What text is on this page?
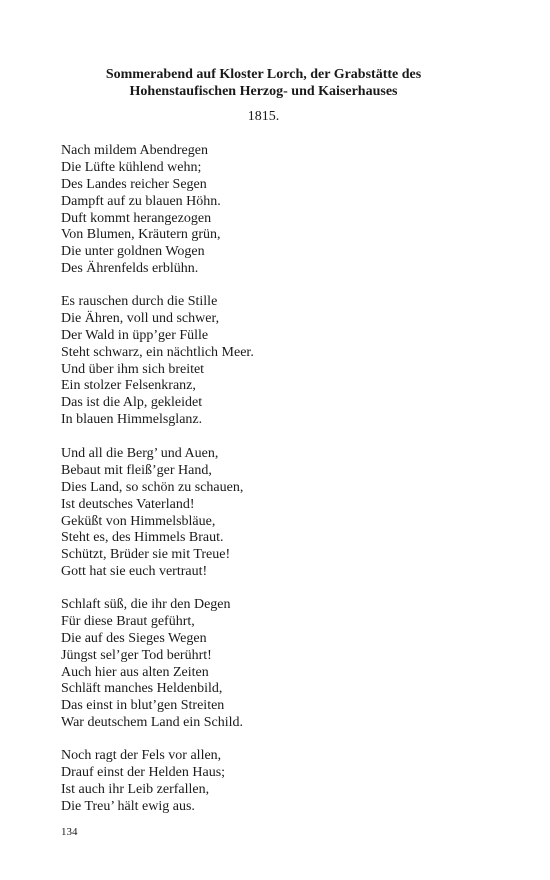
Sommerabend auf Kloster Lorch, der Grabstätte des
Hohenstaufischen Herzog- und Kaiserhauses
1815.
Nach mildem Abendregen
Die Lüfte kühlend wehn;
Des Landes reicher Segen
Dampft auf zu blauen Höhn.
Duft kommt herangezogen
Von Blumen, Kräutern grün,
Die unter goldnen Wogen
Des Ährenfelds erblühn.
Es rauschen durch die Stille
Die Ähren, voll und schwer,
Der Wald in üpp’ger Fülle
Steht schwarz, ein nächtlich Meer.
Und über ihm sich breitet
Ein stolzer Felsenkranz,
Das ist die Alp, gekleidet
In blauen Himmelsglanz.
Und all die Berg’ und Auen,
Bebaut mit fleiß’ger Hand,
Dies Land, so schön zu schauen,
Ist deutsches Vaterland!
Geküßt von Himmelsbläue,
Steht es, des Himmels Braut.
Schützt, Brüder sie mit Treue!
Gott hat sie euch vertraut!
Schlaft süß, die ihr den Degen
Für diese Braut geführt,
Die auf des Sieges Wegen
Jüngst sel’ger Tod berührt!
Auch hier aus alten Zeiten
Schläft manches Heldenbild,
Das einst in blut’gen Streiten
War deutschem Land ein Schild.
Noch ragt der Fels vor allen,
Drauf einst der Helden Haus;
Ist auch ihr Leib zerfallen,
Die Treu’ hält ewig aus.
134
